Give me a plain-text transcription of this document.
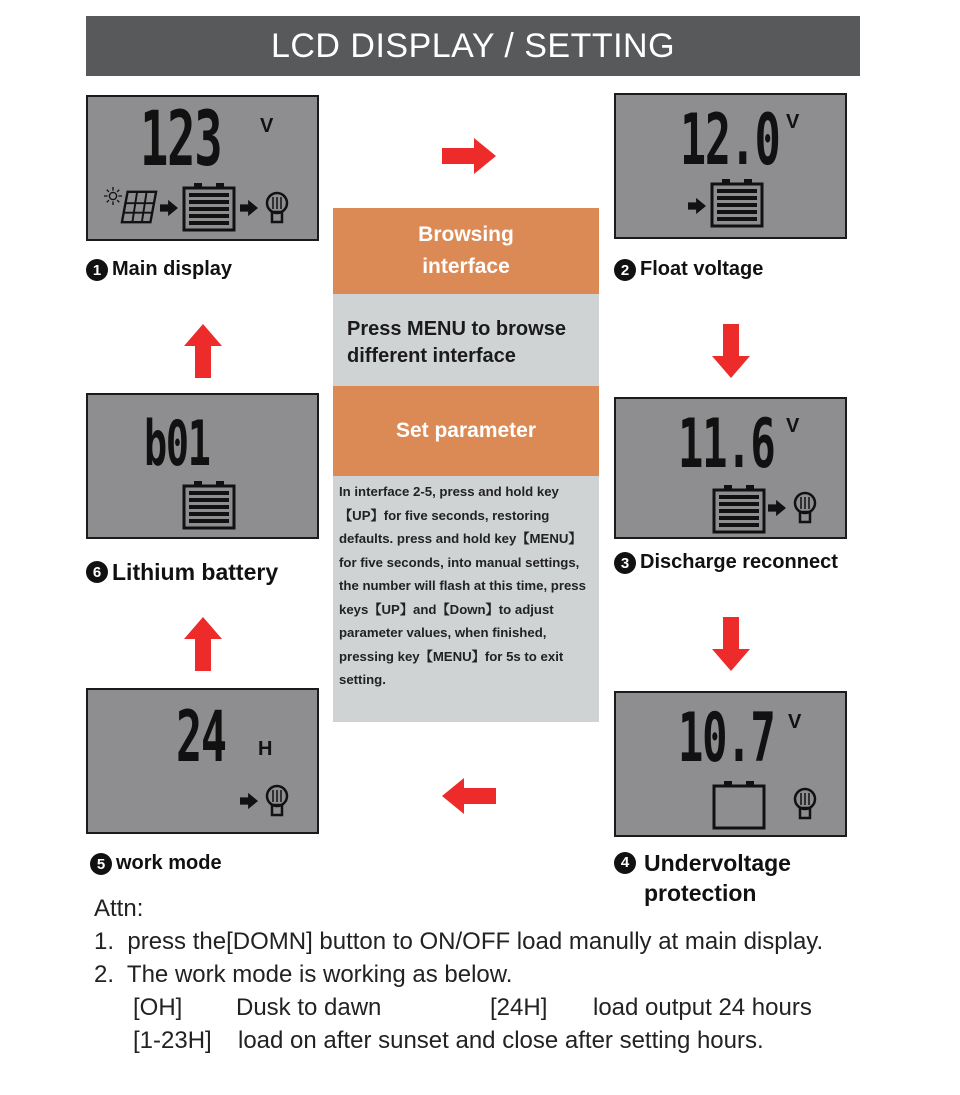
LCD DISPLAY / SETTING
123 V
1 Main display
12.0 V
2 Float voltage
11.6 V
3 Discharge reconnect
10.7 V
4 Undervoltage
protection
24 H
5 work mode
b01
6 Lithium battery
Browsing
interface
Press MENU to browse different interface
Set parameter
In interface 2-5, press and hold key【UP】for five seconds, restoring defaults. press and hold key【MENU】for five seconds, into manual settings, the number will flash at this time, press keys【UP】and【Down】to adjust parameter values, when finished, pressing key【MENU】for 5s to exit setting.
Attn:
1.  press the[DOMN] button to ON/OFF load manully at main display.
2.  The work mode is working as below.
[OH] Dusk to dawn	[24H] load output 24 hours
[1-23H] load on after sunset and close after setting hours.
